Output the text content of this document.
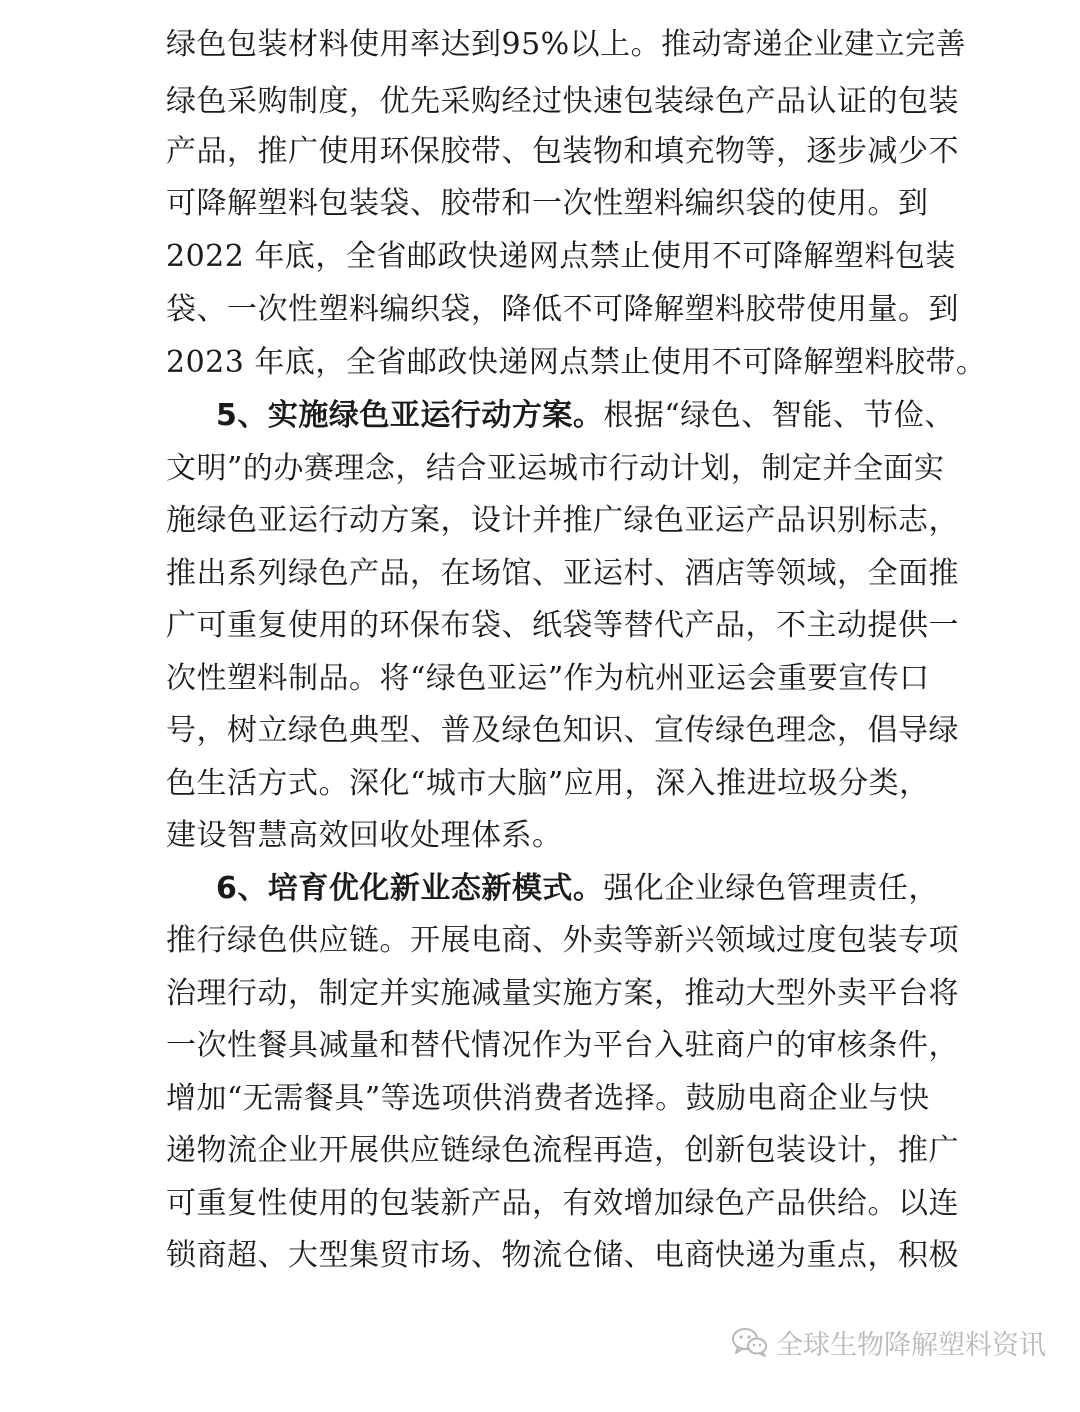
绿色包装材料使用率达到95%以上。推动寄递企业建立完善
绿色采购制度，优先采购经过快速包装绿色产品认证的包装
产品，推广使用环保胶带、包装物和填充物等，逐步减少不
可降解塑料包装袋、胶带和一次性塑料编织袋的使用。到
2022 年底，全省邮政快递网点禁止使用不可降解塑料包装
袋、一次性塑料编织袋，降低不可降解塑料胶带使用量。到
2023 年底，全省邮政快递网点禁止使用不可降解塑料胶带。
5、实施绿色亚运行动方案。根据“绿色、智能、节俭、
文明”的办赛理念，结合亚运城市行动计划，制定并全面实
施绿色亚运行动方案，设计并推广绿色亚运产品识别标志，
推出系列绿色产品，在场馆、亚运村、酒店等领域，全面推
广可重复使用的环保布袋、纸袋等替代产品，不主动提供一
次性塑料制品。将“绿色亚运”作为杭州亚运会重要宣传口
号，树立绿色典型、普及绿色知识、宣传绿色理念，倡导绿
色生活方式。深化“城市大脑”应用，深入推进垃圾分类，
建设智慧高效回收处理体系。
6、培育优化新业态新模式。强化企业绿色管理责任，
推行绿色供应链。开展电商、外卖等新兴领域过度包装专项
治理行动，制定并实施减量实施方案，推动大型外卖平台将
一次性餐具减量和替代情况作为平台入驻商户的审核条件，
增加“无需餐具”等选项供消费者选择。鼓励电商企业与快
递物流企业开展供应链绿色流程再造，创新包装设计，推广
可重复性使用的包装新产品，有效增加绿色产品供给。以连
锁商超、大型集贸市场、物流仓储、电商快递为重点，积极
全球生物降解塑料资讯
